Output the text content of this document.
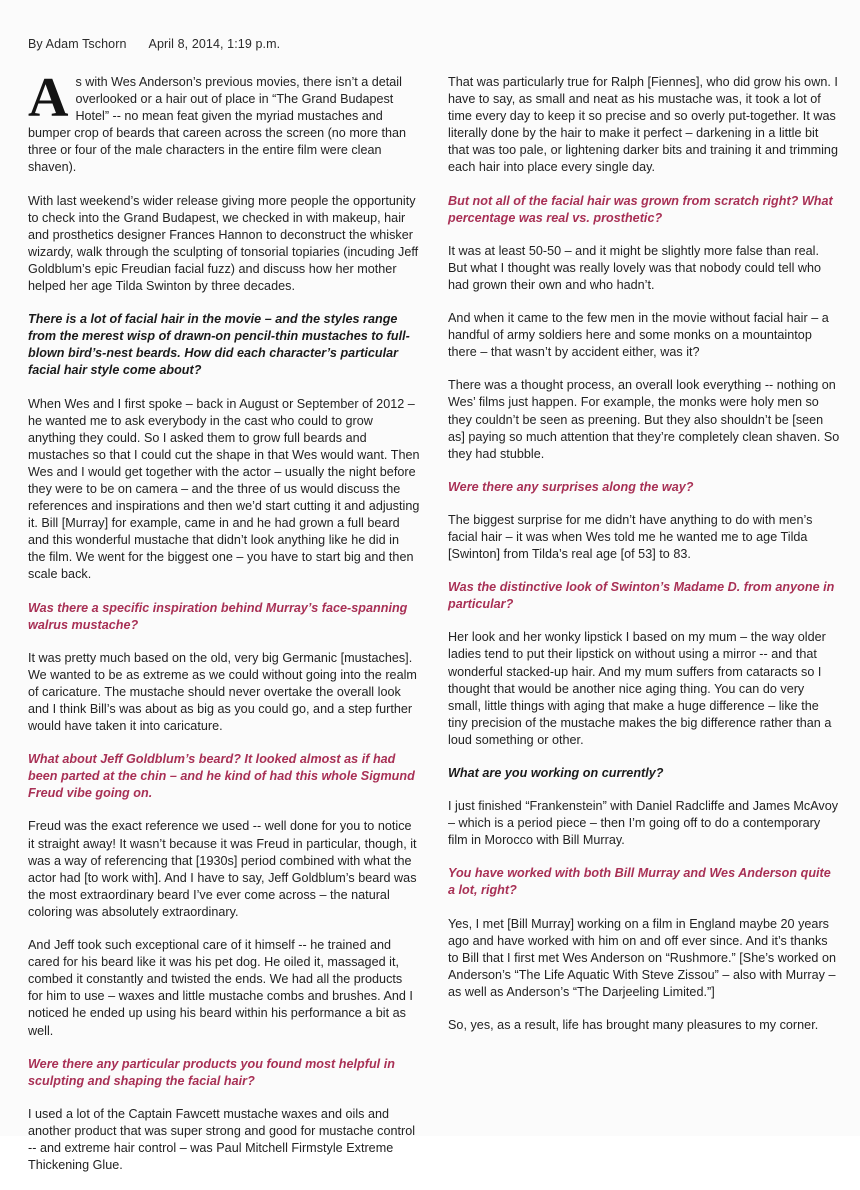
By Adam Tschorn April 8, 2014, 1:19 p.m.

As with Wes Anderson’s previous movies, there isn’t a detail overlooked or a hair out of place in “The Grand Budapest Hotel” -- no mean feat given the myriad mustaches and bumper crop of beards that careen across the screen (no more than three or four of the male characters in the entire film were clean shaven).

With last weekend’s wider release giving more people the opportunity to check into the Grand Budapest, we checked in with makeup, hair and prosthetics designer Frances Hannon to deconstruct the whisker wizardy, walk through the sculpting of tonsorial topiaries (incuding Jeff Goldblum’s epic Freudian facial fuzz) and discuss how her mother helped her age Tilda Swinton by three decades.

There is a lot of facial hair in the movie – and the styles range from the merest wisp of drawn-on pencil-thin mustaches to full-blown bird’s-nest beards. How did each character’s particular facial hair style come about?

When Wes and I first spoke – back in August or September of 2012 – he wanted me to ask everybody in the cast who could to grow anything they could. So I asked them to grow full beards and mustaches so that I could cut the shape in that Wes would want. Then Wes and I would get together with the actor – usually the night before they were to be on camera – and the three of us would discuss the references and inspirations and then we’d start cutting it and adjusting it. Bill [Murray] for example, came in and he had grown a full beard and this wonderful mustache that didn’t look anything like he did in the film. We went for the biggest one – you have to start big and then scale back.

Was there a specific inspiration behind Murray’s face-spanning walrus mustache?

It was pretty much based on the old, very big Germanic [mustaches]. We wanted to be as extreme as we could without going into the realm of caricature. The mustache should never overtake the overall look and I think Bill’s was about as big as you could go, and a step further would have taken it into caricature.

What about Jeff Goldblum’s beard? It looked almost as if had been parted at the chin – and he kind of had this whole Sigmund Freud vibe going on.

Freud was the exact reference we used -- well done for you to notice it straight away! It wasn’t because it was Freud in particular, though, it was a way of referencing that [1930s] period combined with what the actor had [to work with]. And I have to say, Jeff Goldblum’s beard was the most extraordinary beard I’ve ever come across – the natural coloring was absolutely extraordinary.

And Jeff took such exceptional care of it himself -- he trained and cared for his beard like it was his pet dog. He oiled it, massaged it, combed it constantly and twisted the ends. We had all the products for him to use – waxes and little mustache combs and brushes. And I noticed he ended up using his beard within his performance a bit as well.

Were there any particular products you found most helpful in sculpting and shaping the facial hair?

I used a lot of the Captain Fawcett mustache waxes and oils and another product that was super strong and good for mustache control -- and extreme hair control – was Paul Mitchell Firmstyle Extreme Thickening Glue.

That was particularly true for Ralph [Fiennes], who did grow his own. I have to say, as small and neat as his mustache was, it took a lot of time every day to keep it so precise and so overly put-together. It was literally done by the hair to make it perfect – darkening in a little bit that was too pale, or lightening darker bits and training it and trimming each hair into place every single day.

But not all of the facial hair was grown from scratch right? What percentage was real vs. prosthetic?

It was at least 50-50 – and it might be slightly more false than real. But what I thought was really lovely was that nobody could tell who had grown their own and who hadn’t.

And when it came to the few men in the movie without facial hair – a handful of army soldiers here and some monks on a mountaintop there – that wasn’t by accident either, was it?

There was a thought process, an overall look everything -- nothing on Wes’ films just happen. For example, the monks were holy men so they couldn’t be seen as preening. But they also shouldn’t be [seen as] paying so much attention that they’re completely clean shaven. So they had stubble.

Were there any surprises along the way?

The biggest surprise for me didn’t have anything to do with men’s facial hair – it was when Wes told me he wanted me to age Tilda [Swinton] from Tilda’s real age [of 53] to 83.

Was the distinctive look of Swinton’s Madame D. from anyone in particular?

Her look and her wonky lipstick I based on my mum – the way older ladies tend to put their lipstick on without using a mirror -- and that wonderful stacked-up hair. And my mum suffers from cataracts so I thought that would be another nice aging thing. You can do very small, little things with aging that make a huge difference – like the tiny precision of the mustache makes the big difference rather than a loud something or other.

What are you working on currently?

I just finished “Frankenstein” with Daniel Radcliffe and James McAvoy – which is a period piece – then I’m going off to do a contemporary film in Morocco with Bill Murray.

You have worked with both Bill Murray and Wes Anderson quite a lot, right?

Yes, I met [Bill Murray] working on a film in England maybe 20 years ago and have worked with him on and off ever since. And it’s thanks to Bill that I first met Wes Anderson on “Rushmore.” [She’s worked on Anderson’s “The Life Aquatic With Steve Zissou” – also with Murray – as well as Anderson’s “The Darjeeling Limited.”]

So, yes, as a result, life has brought many pleasures to my corner.
